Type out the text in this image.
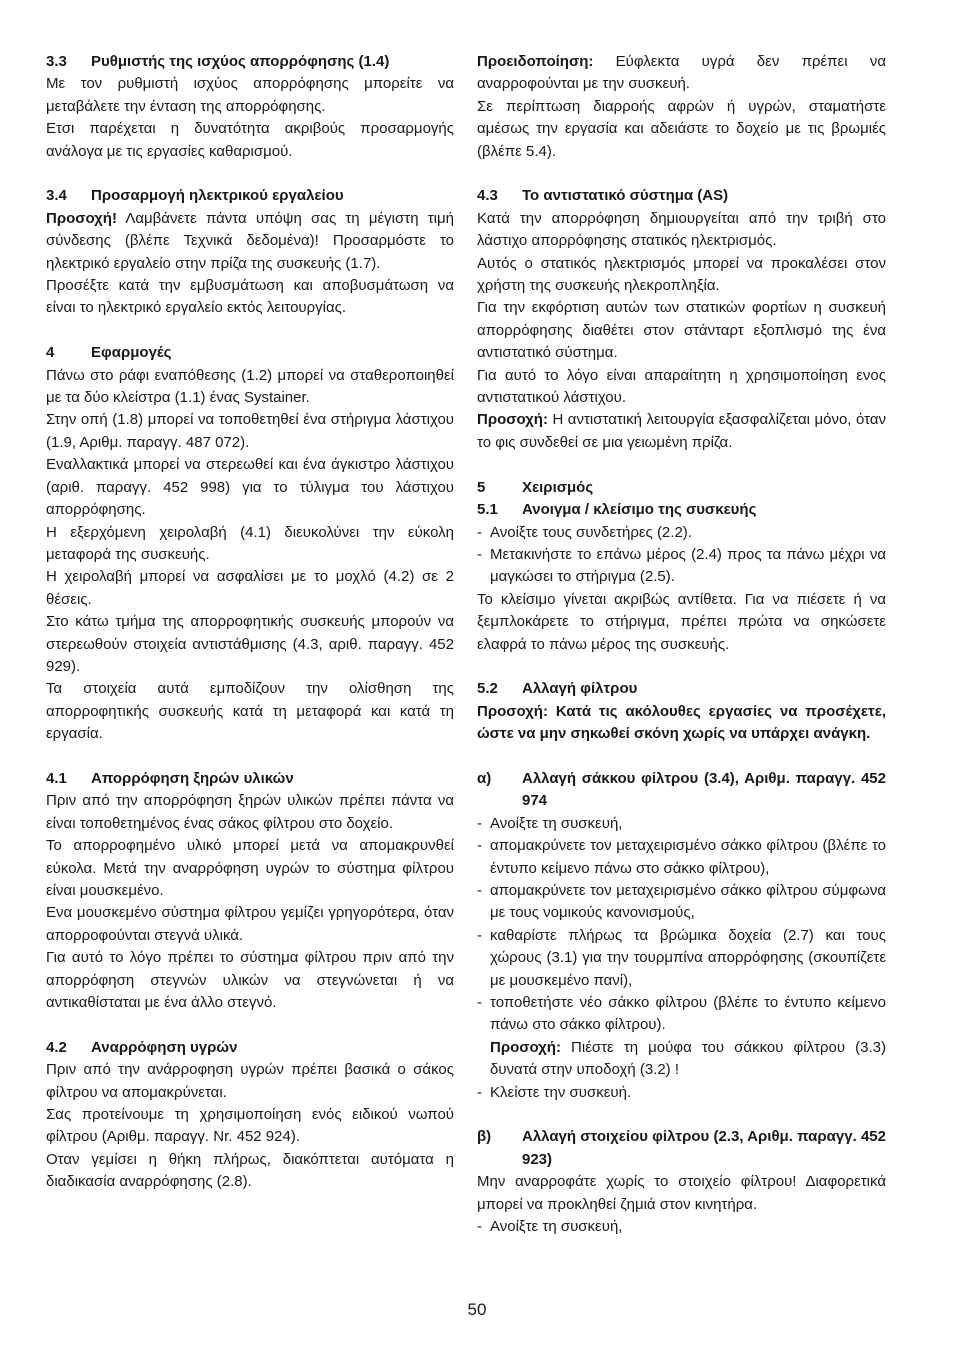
3.3 Ρυθμιστής της ισχύος απορρόφησης (1.4)

Με τον ρυθμιστή ισχύος απορρόφησης μπορείτε να μεταβάλετε την ένταση της απορρόφησης.

Ετσι παρέχεται η δυνατότητα ακριβούς προσαρμογής ανάλογα με τις εργασίες καθαρισμού.

3.4 Προσαρμογή ηλεκτρικού εργαλείου

Προσοχή! Λαμβάνετε πάντα υπόψη σας τη μέγιστη τιμή σύνδεσης (βλέπε Τεχνικά δεδομένα)! Προσαρμόστε το ηλεκτρικό εργαλείο στην πρίζα της συσκευής (1.7).

Προσέξτε κατά την εμβυσμάτωση και αποβυσμάτωση να είναι το ηλεκτρικό εργαλείο εκτός λειτουργίας.

4 Εφαρμογές

Πάνω στο ράφι εναπόθεσης (1.2) μπορεί να σταθεροποιηθεί με τα δύο κλείστρα (1.1) ένας Systainer.

Στην οπή (1.8) μπορεί να τοποθετηθεί ένα στήριγμα λάστιχου (1.9, Αριθμ. παραγγ. 487 072).

Εναλλακτικά μπορεί να στερεωθεί και ένα άγκιστρο λάστιχου (αριθ. παραγγ. 452 998) για το τύλιγμα του λάστιχου απορρόφησης.

Η εξερχόμενη χειρολαβή (4.1) διευκολύνει την εύκολη μεταφορά της συσκευής.

Η χειρολαβή μπορεί να ασφαλίσει με το μοχλό (4.2) σε 2 θέσεις.

Στο κάτω τμήμα της απορροφητικής συσκευής μπορούν να στερεωθούν στοιχεία αντιστάθμισης (4.3, αριθ. παραγγ. 452 929).

Τα στοιχεία αυτά εμποδίζουν την ολίσθηση της απορροφητικής συσκευής κατά τη μεταφορά και κατά τη εργασία.

4.1 Απορρόφηση ξηρών υλικών

Πριν από την απορρόφηση ξηρών υλικών πρέπει πάντα να είναι τοποθετημένος ένας σάκος φίλτρου στο δοχείο.

Το απορροφημένο υλικό μπορεί μετά να απομακρυνθεί εύκολα. Μετά την αναρρόφηση υγρών το σύστημα φίλτρου είναι μουσκεμένο.

Ενα μουσκεμένο σύστημα φίλτρου γεμίζει γρηγορότερα, όταν απορροφούνται στεγνά υλικά.

Για αυτό το λόγο πρέπει το σύστημα φίλτρου πριν από την απορρόφηση στεγνών υλικών να στεγνώνεται ή να αντικαθίσταται με ένα άλλο στεγνό.

4.2 Αναρρόφηση υγρών

Πριν από την ανάρροφηση υγρών πρέπει βασικά ο σάκος φίλτρου να απομακρύνεται.

Σας προτείνουμε τη χρησιμοποίηση ενός ειδικού νωπού φίλτρου (Αριθμ. παραγγ. Nr. 452 924).

Οταν γεμίσει η θήκη πλήρως, διακόπτεται αυτόματα η διαδικασία αναρρόφησης (2.8).

Προειδοποίηση: Εύφλεκτα υγρά δεν πρέπει να αναρροφούνται με την συσκευή.

Σε περίπτωση διαρροής αφρών ή υγρών, σταματήστε αμέσως την εργασία και αδειάστε το δοχείο με τις βρωμιές (βλέπε 5.4).

4.3 Το αντιστατικό σύστημα (AS)

Κατά την απορρόφηση δημιουργείται από την τριβή στο λάστιχο απορρόφησης στατικός ηλεκτρισμός.

Αυτός ο στατικός ηλεκτρισμός μπορεί να προκαλέσει στον χρήστη της συσκευής ηλεκροπληξία.

Για την εκφόρτιση αυτών των στατικών φορτίων η συσκευή απορρόφησης διαθέτει στον στάνταρτ εξοπλισμό της ένα αντιστατικό σύστημα.

Για αυτό το λόγο είναι απαραίτητη η χρησιμοποίηση ενος αντιστατικού λάστιχου.

Προσοχή: Η αντιστατική λειτουργία εξασφαλίζεται μόνο, όταν το φις συνδεθεί σε μια γειωμένη πρίζα.

5 Χειρισμός
5.1 Ανοιγμα / κλείσιμο της συσκευής
- Ανοίξτε τους συνδετήρες (2.2).
- Μετακινήστε το επάνω μέρος (2.4) προς τα πάνω μέχρι να μαγκώσει το στήριγμα (2.5).

Το κλείσιμο γίνεται ακριβώς αντίθετα. Για να πιέσετε ή να ξεμπλοκάρετε το στήριγμα, πρέπει πρώτα να σηκώσετε ελαφρά το πάνω μέρος της συσκευής.

5.2 Αλλαγή φίλτρου

Προσοχή: Κατά τις ακόλουθες εργασίες να προσέχετε, ώστε να μην σηκωθεί σκόνη χωρίς να υπάρχει ανάγκη.

α)	Αλλαγή σάκκου φίλτρου (3.4), Αριθμ. παραγγ. 452 974
- Ανοίξτε τη συσκευή,
- απομακρύνετε τον μεταχειρισμένο σάκκο φίλτρου (βλέπε το έντυπο κείμενο πάνω στο σάκκο φίλτρου),
- απομακρύνετε τον μεταχειρισμένο σάκκο φίλτρου σύμφωνα με τους νομικούς κανονισμούς,
- καθαρίστε πλήρως τα βρώμικα δοχεία (2.7) και τους χώρους (3.1) για την τουρμπίνα απορρόφησης (σκουπίζετε με μουσκεμένο πανί),
- τοποθετήστε νέο σάκκο φίλτρου (βλέπε το έντυπο κείμενο πάνω στο σάκκο φίλτρου).

Προσοχή: Πιέστε τη μούφα του σάκκου φίλτρου (3.3) δυνατά στην υποδοχή (3.2) !

- Κλείστε την συσκευή.
β)	Αλλαγή στοιχείου φίλτρου (2.3, Αριθμ. παραγγ. 452 923)

Μην αναρροφάτε χωρίς το στοιχείο φίλτρου! Διαφορετικά μπορεί να προκληθεί ζημιά στον κινητήρα.

- Ανοίξτε τη συσκευή,
50
